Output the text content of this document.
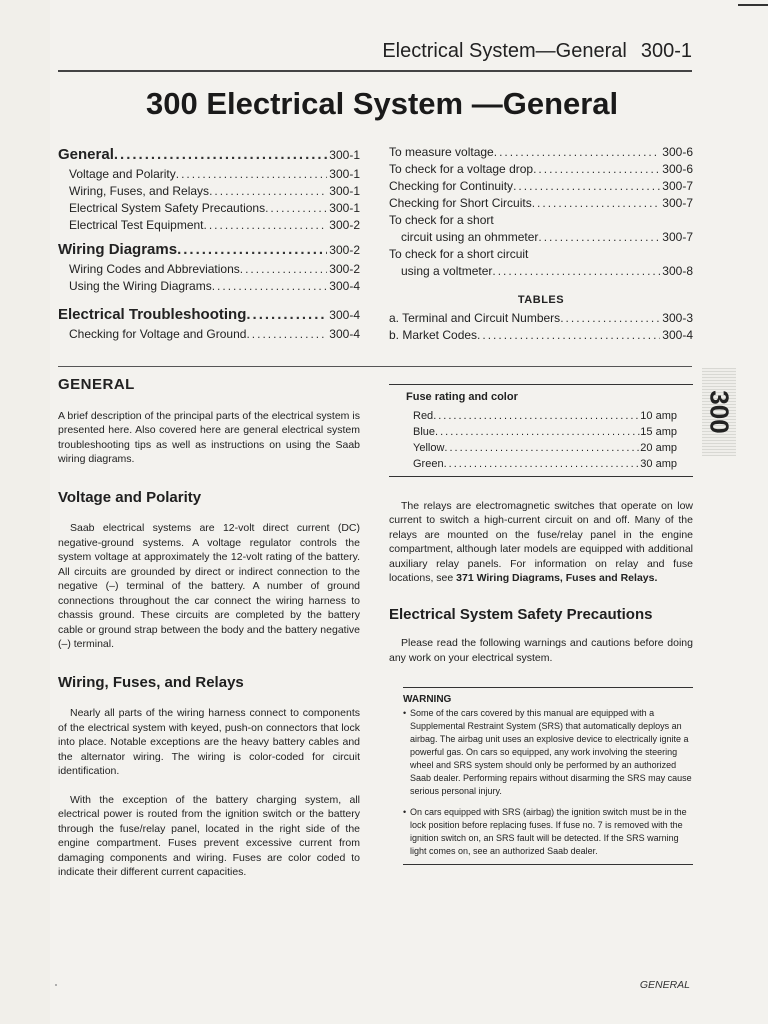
Electrical System—General 300-1
300 Electrical System —General
General .....	300-1
Voltage and Polarity .....	300-1
Wiring, Fuses, and Relays .....	300-1
Electrical System Safety Precautions .....	300-1
Electrical Test Equipment .....	300-2
Wiring Diagrams .....	300-2
Wiring Codes and Abbreviations .....	300-2
Using the Wiring Diagrams .....	300-4
Electrical Troubleshooting .....	300-4
Checking for Voltage and Ground .....	300-4
To measure voltage .....	300-6
To check for a voltage drop .....	300-6
Checking for Continuity .....	300-7
Checking for Short Circuits .....	300-7
To check for a short
circuit using an ohmmeter .....	300-7
To check for a short circuit
using a voltmeter .....	300-8
TABLES
a. Terminal and Circuit Numbers .....	300-3
b. Market Codes .....	300-4
GENERAL

A brief description of the principal parts of the electrical system is presented here. Also covered here are general electrical system troubleshooting tips as well as instructions on using the Saab wiring diagrams.

Voltage and Polarity

Saab electrical systems are 12-volt direct current (DC) negative-ground systems. A voltage regulator controls the system voltage at approximately the 12-volt rating of the battery. All circuits are grounded by direct or indirect connection to the negative (–) terminal of the battery. A number of ground connections throughout the car connect the wiring harness to chassis ground. These circuits are completed by the battery cable or ground strap between the body and the battery negative (–) terminal.

Wiring, Fuses, and Relays

Nearly all parts of the wiring harness connect to components of the electrical system with keyed, push-on connectors that lock into place. Notable exceptions are the heavy battery cables and the alternator wiring. The wiring is color-coded for circuit identification.

With the exception of the battery charging system, all electrical power is routed from the ignition switch or the battery through the fuse/relay panel, located in the right side of the engine compartment. Fuses prevent excessive current from damaging components and wiring. Fuses are color coded to indicate their different current capacities.

Fuse rating and color
Red .....	10 amp
Blue .....	15 amp
Yellow .....	20 amp
Green .....	30 amp

The relays are electromagnetic switches that operate on low current to switch a high-current circuit on and off. Many of the relays are mounted on the fuse/relay panel in the engine compartment, although later models are equipped with additional auxiliary relay panels. For information on relay and fuse locations, see 371 Wiring Diagrams, Fuses and Relays.

Electrical System Safety Precautions

Please read the following warnings and cautions before doing any work on your electrical system.

WARNING
• Some of the cars covered by this manual are equipped with a Supplemental Restraint System (SRS) that automatically deploys an airbag. The airbag unit uses an explosive device to electrically ignite a powerful gas. On cars so equipped, any work involving the steering wheel and SRS system should only be performed by an authorized Saab dealer. Performing repairs without disarming the SRS may cause serious personal injury.
• On cars equipped with SRS (airbag) the ignition switch must be in the lock position before replacing fuses. If fuse no. 7 is removed with the ignition switch on, an SRS fault will be detected. If the SRS warning light comes on, see an authorized Saab dealer.
300
GENERAL
